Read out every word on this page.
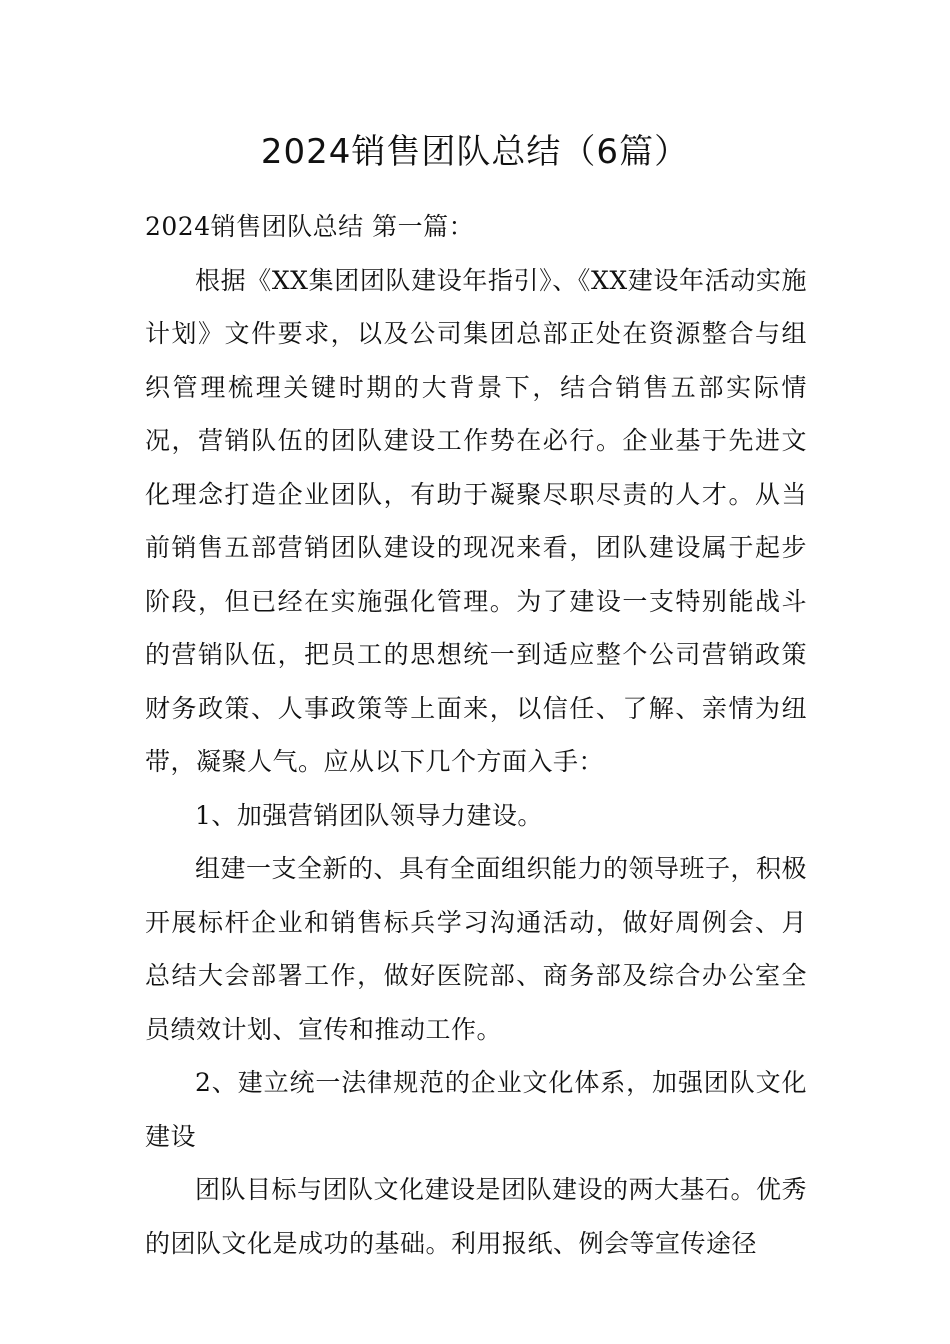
2024销售团队总结（6篇）

2024销售团队总结 第一篇：

根据《XX集团团队建设年指引》、《XX建设年活动实施计划》文件要求，以及公司集团总部正处在资源整合与组织管理梳理关键时期的大背景下，结合销售五部实际情况，营销队伍的团队建设工作势在必行。企业基于先进文化理念打造企业团队，有助于凝聚尽职尽责的人才。从当前销售五部营销团队建设的现况来看，团队建设属于起步阶段，但已经在实施强化管理。为了建设一支特别能战斗的营销队伍，把员工的思想统一到适应整个公司营销政策财务政策、人事政策等上面来，以信任、了解、亲情为纽带，凝聚人气。应从以下几个方面入手：

1、加强营销团队领导力建设。

组建一支全新的、具有全面组织能力的领导班子，积极开展标杆企业和销售标兵学习沟通活动，做好周例会、月总结大会部署工作，做好医院部、商务部及综合办公室全员绩效计划、宣传和推动工作。

2、建立统一法律规范的企业文化体系，加强团队文化建设

团队目标与团队文化建设是团队建设的两大基石。优秀的团队文化是成功的基础。利用报纸、例会等宣传途径
